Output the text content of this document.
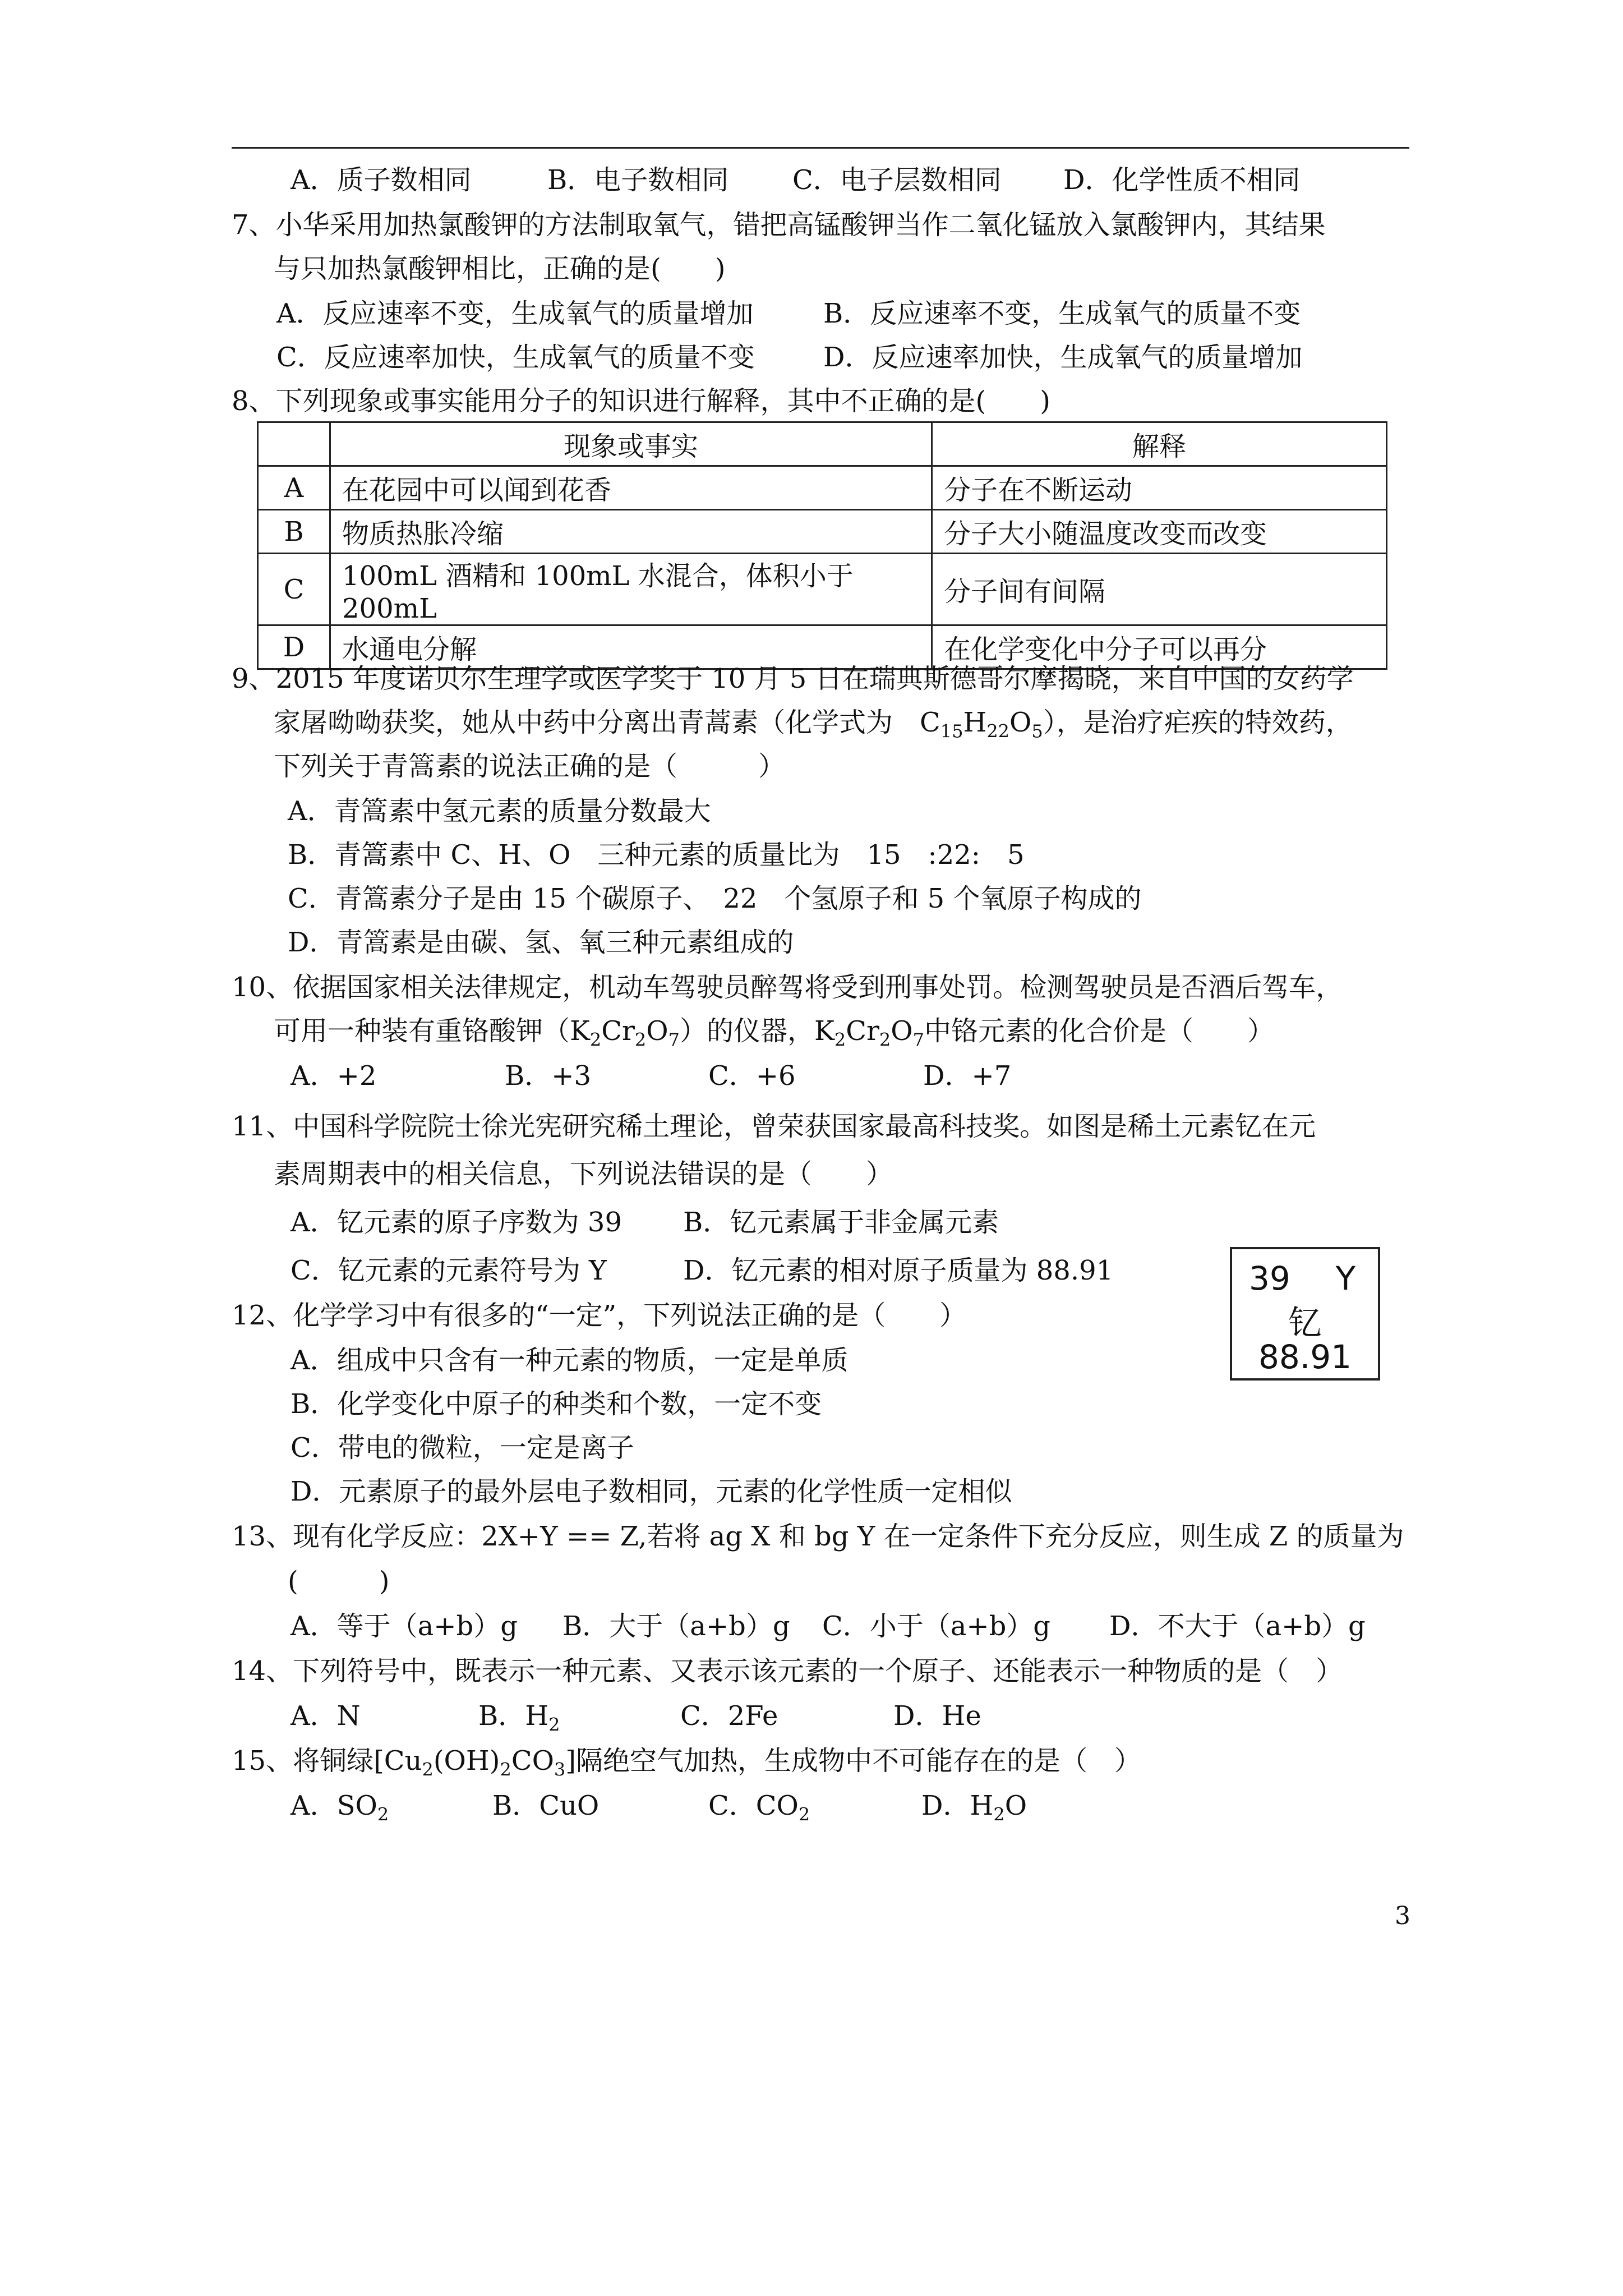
A．质子数相同	B．电子数相同 C．电子层数相同 D．化学性质不相同
7、小华采用加热氯酸钾的方法制取氧气，错把高锰酸钾当作二氧化锰放入氯酸钾内，其结果
与只加热氯酸钾相比，正确的是(　　)
A．反应速率不变，生成氧气的质量增加	B．反应速率不变，生成氧气的质量不变
C．反应速率加快，生成氧气的质量不变	D．反应速率加快，生成氧气的质量增加
8、下列现象或事实能用分子的知识进行解释，其中不正确的是(　　)
	现象或事实	解释
A	在花园中可以闻到花香	分子在不断运动
B	物质热胀冷缩	分子大小随温度改变而改变
C	100mL 酒精和 100mL 水混合，体积小于 200mL	分子间有间隔
D	水通电分解	在化学变化中分子可以再分
9、2015 年度诺贝尔生理学或医学奖于 10 月 5 日在瑞典斯德哥尔摩揭晓，来自中国的女药学
家屠呦呦获奖，她从中药中分离出青蒿素（化学式为　$C_{15}H_{22}O_5$），是治疗疟疾的特效药，
下列关于青篙素的说法正确的是（　　　）
A．青篙素中氢元素的质量分数最大
B．青篙素中 C、H、O　三种元素的质量比为　15　:22:　5
C．青篙素分子是由 15 个碳原子、　22　个氢原子和 5 个氧原子构成的
D．青篙素是由碳、氢、氧三种元素组成的
10、依据国家相关法律规定，机动车驾驶员醉驾将受到刑事处罚。检测驾驶员是否酒后驾车，
可用一种装有重铬酸钾$(K_2Cr_2O_7)$的仪器，$K_2Cr_2O_7$中铬元素的化合价是（　　）
A．+2	B．+3	C．+6	D．+7
11、中国科学院院士徐光宪研究稀土理论，曾荣获国家最高科技奖。如图是稀土元素钇在元
素周期表中的相关信息，下列说法错误的是（　　）
A．钇元素的原子序数为 39 B．钇元素属于非金属元素
C．钇元素的元素符号为 Y	D．钇元素的相对原子质量为 88.91	39 Y
钇
88.91
12、化学学习中有很多的“一定”，下列说法正确的是（　　）
A．组成中只含有一种元素的物质，一定是单质
B．化学变化中原子的种类和个数，一定不变
C．带电的微粒，一定是离子
D．元素原子的最外层电子数相同，元素的化学性质一定相似
13、现有化学反应：2X+Y == Z,若将 ag X 和 bg Y 在一定条件下充分反应，则生成 Z 的质量为
(　　　)
A．等于（a+b）g B．大于（a+b）g C．小于（a+b）g D．不大于（a+b）g
14、下列符号中，既表示一种元素、又表示该元素的一个原子、还能表示一种物质的是（　）
A．N	B．$H_2$	C．2Fe	D．He
15、将铜绿$[Cu_2(OH)_2CO_3]$隔绝空气加热，生成物中不可能存在的是（　）
A．$SO_2$	B．CuO	C．$CO_2$	D．$H_2O$
3
